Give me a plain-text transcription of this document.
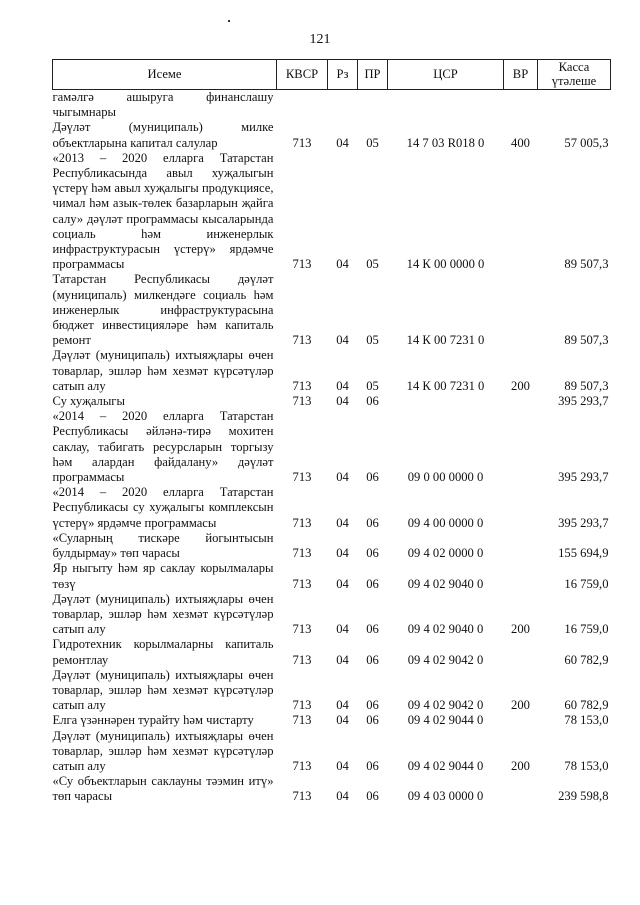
121
Исеме	КВСР	Рз	ПР	ЦСР	ВР	Касса үтәлеше
гамәлгә ашыруга финанслашу чыгымнары						
Дәүләт (муниципаль) милке объектларына капитал салулар	713	04	05	14 7 03 R018 0	400	57 005,3
«2013 – 2020 елларга Татарстан Республикасында авыл хуҗалыгын үстерү һәм авыл хуҗалыгы продукциясе, чимал һәм азык-төлек базарларын җайга салу» дәүләт программасы кысаларында социаль һәм инженерлык инфраструктурасын үстерү» ярдәмче программасы	713	04	05	14 К 00 0000 0		89 507,3
Татарстан Республикасы дәүләт (муниципаль) милкендәге социаль һәм инженерлык инфраструктурасына бюджет инвестицияләре һәм капиталь ремонт	713	04	05	14 К 00 7231 0		89 507,3
Дәүләт (муниципаль) ихтыяҗлары өчен товарлар, эшләр һәм хезмәт күрсәтүләр сатып алу	713	04	05	14 К 00 7231 0	200	89 507,3
Су хуҗалыгы	713	04	06			395 293,7
«2014 – 2020 елларга Татарстан Республикасы әйләнә-тирә мохитен саклау, табигать ресурсларын торгызу һәм алардан файдалану» дәүләт программасы	713	04	06	09 0 00 0000 0		395 293,7
«2014 – 2020 елларга Татарстан Республикасы су хуҗалыгы комплексын үстерү» ярдәмче программасы	713	04	06	09 4 00 0000 0		395 293,7
«Суларның тискәре йогынтысын булдырмау» төп чарасы	713	04	06	09 4 02 0000 0		155 694,9
Яр ныгыту һәм яр саклау корылмалары төзү	713	04	06	09 4 02 9040 0		16 759,0
Дәүләт (муниципаль) ихтыяҗлары өчен товарлар, эшләр һәм хезмәт күрсәтүләр сатып алу	713	04	06	09 4 02 9040 0	200	16 759,0
Гидротехник корылмаларны капиталь ремонтлау	713	04	06	09 4 02 9042 0		60 782,9
Дәүләт (муниципаль) ихтыяҗлары өчен товарлар, эшләр һәм хезмәт күрсәтүләр сатып алу	713	04	06	09 4 02 9042 0	200	60 782,9
Елга үзәннәрен турайту һәм чистарту	713	04	06	09 4 02 9044 0		78 153,0
Дәүләт (муниципаль) ихтыяҗлары өчен товарлар, эшләр һәм хезмәт күрсәтүләр сатып алу	713	04	06	09 4 02 9044 0	200	78 153,0
«Су объектларын саклауны тәэмин итү» төп чарасы	713	04	06	09 4 03 0000 0		239 598,8
